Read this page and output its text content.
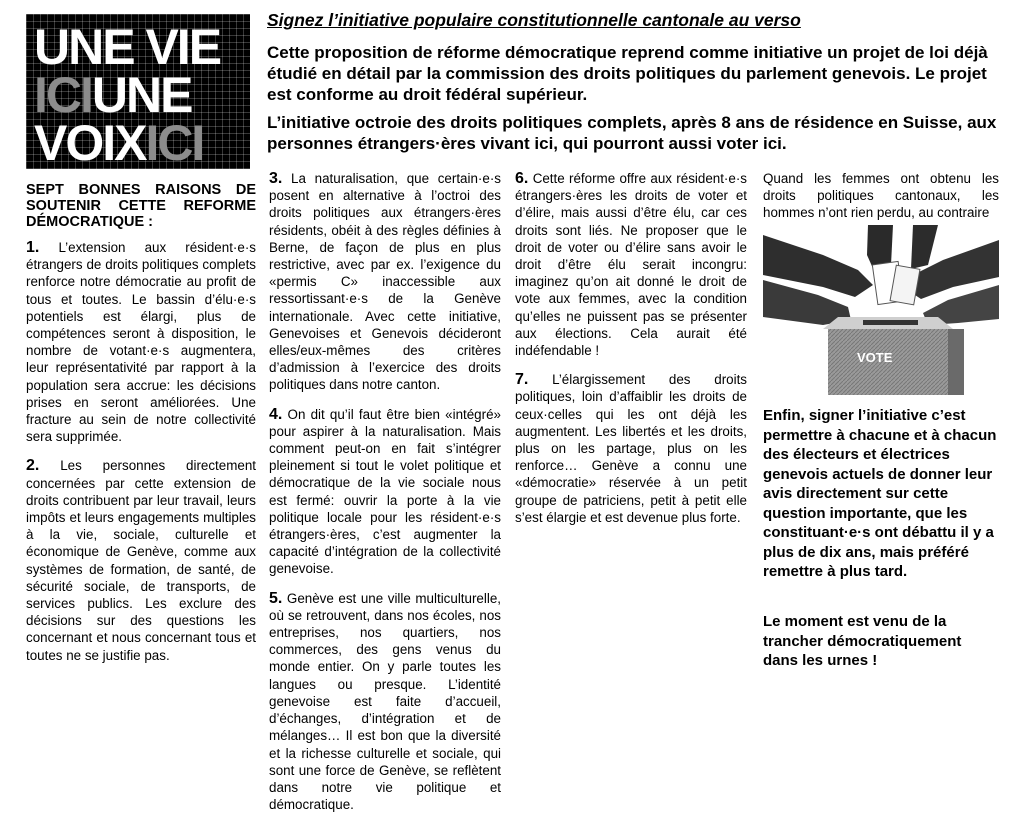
UNE VIE
ICIUNE
VOIXICI
Signez l’initiative populaire constitutionnelle cantonale au verso

Cette proposition de réforme démocratique reprend comme initiative un projet de loi déjà étudié en détail par la commission des droits politiques du parlement genevois. Le projet est conforme au droit fédéral supérieur.

L’initiative octroie des droits politiques complets, après 8 ans de résidence en Suisse, aux personnes étrangers·ères vivant ici, qui pourront aussi voter ici.

SEPT BONNES RAISONS DE SOUTENIR CETTE REFORME DÉMOCRATIQUE :

1. L’extension aux résident·e·s étrangers de droits politiques complets renforce notre démocratie au profit de tous et toutes. Le bassin d’élu·e·s potentiels est élargi, plus de compétences seront à disposition, le nombre de votant·e·s augmentera, leur représentativité par rapport à la population sera accrue: les décisions prises en seront améliorées. Une fracture au sein de notre collectivité sera supprimée.

2. Les personnes directement concernées par cette extension de droits contribuent par leur travail, leurs impôts et leurs engagements multiples à la vie, sociale, culturelle et économique de Genève, comme aux systèmes de formation, de santé, de sécurité sociale, de transports, de services publics. Les exclure des décisions sur des questions les concernant et nous concernant tous et toutes ne se justifie pas.

3. La naturalisation, que certain·e·s posent en alternative à l’octroi des droits politiques aux étrangers·ères résidents, obéit à des règles définies à Berne, de façon de plus en plus restrictive, avec par ex. l’exigence du «permis C» inaccessible aux ressortissant·e·s de la Genève internationale. Avec cette initiative, Genevoises et Genevois décideront elles/eux-mêmes des critères d’admission à l’exercice des droits politiques dans notre canton.

4. On dit qu’il faut être bien «intégré» pour aspirer à la naturalisation. Mais comment peut-on en fait s’intégrer pleinement si tout le volet politique et démocratique de la vie sociale nous est fermé: ouvrir la porte à la vie politique locale pour les résident·e·s étrangers·ères, c’est augmenter la capacité d’intégration de la collectivité genevoise.

5. Genève est une ville multiculturelle, où se retrouvent, dans nos écoles, nos entreprises, nos quartiers, nos commerces, des gens venus du monde entier. On y parle toutes les langues ou presque. L’identité genevoise est faite d’accueil, d’échanges, d’intégration et de mélanges… Il est bon que la diversité et la richesse culturelle et sociale, qui sont une force de Genève, se reflètent dans notre vie politique et démocratique.

6. Cette réforme offre aux résident·e·s étrangers·ères les droits de voter et d’élire, mais aussi d’être élu, car ces droits sont liés. Ne proposer que le droit de voter ou d’élire sans avoir le droit d’être élu serait incongru: imaginez qu’on ait donné le droit de vote aux femmes, avec la condition qu’elles ne puissent pas se présenter aux élections. Cela aurait été indéfendable !

7. L’élargissement des droits politiques, loin d’affaiblir les droits de ceux·celles qui les ont déjà les augmentent. Les libertés et les droits, plus on les partage, plus on les renforce… Genève a connu une «démocratie» réservée à un petit groupe de patriciens, petit à petit elle s’est élargie et est devenue plus forte.

Quand les femmes ont obtenu les droits politiques cantonaux, les hommes n’ont rien perdu, au contraire

VOTE
Enfin, signer l’initiative c’est permettre à chacune et à chacun des électeurs et électrices genevois actuels de donner leur avis directement sur cette question importante, que les constituant·e·s ont débattu il y a plus de dix ans, mais préféré remettre à plus tard.
Le moment est venu de la trancher démocratiquement dans les urnes !
